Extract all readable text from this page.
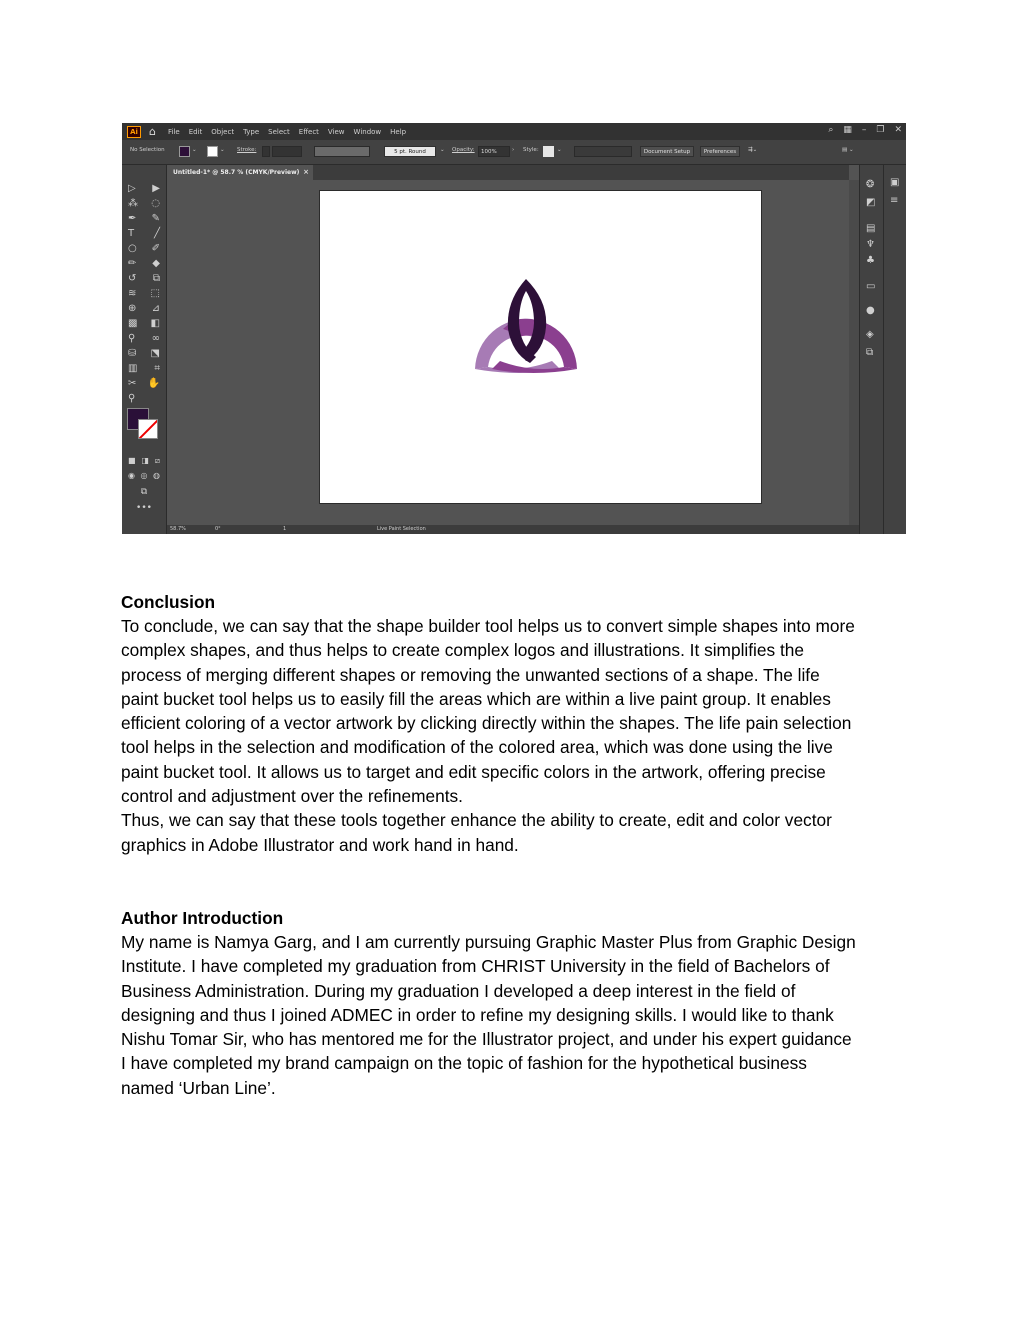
Ai ⌂ File Edit Object Type Select Effect View Window Help	⌕ ▦ – ❐ ✕
No Selection	⌄	⌄ Stroke:	5 pt. Round	⌄ Opacity:	100%	› Style:	⌄	Document Setup	Preferences	⇶⌄	▤ ⌄
▷ ▶
⁂ ◌
✒ ✎
T ╱
○ ✐
✏ ◆
↺ ⧉
≋ ⬚
⊕ ⊿
▩ ◧
⚲ ∞
⛁ ⬔
▥ ⌗
✂ ✋
⚲
■ ◨ ⧄
◉ ◎ ◍
⧉
•••
Untitled-1* @ 58.7 % (CMYK/Preview) ×
❂
◩
▤
♆
♣
▭
●
◈
⧉
▣
≡
58.7%	0°	1	Live Paint Selection
Conclusion
To conclude, we can say that the shape builder tool helps us to convert simple shapes into more
complex shapes, and thus helps to create complex logos and illustrations. It simplifies the
process of merging different shapes or removing the unwanted sections of a shape. The life
paint bucket tool helps us to easily fill the areas which are within a live paint group. It enables
efficient coloring of a vector artwork by clicking directly within the shapes. The life pain selection
tool helps in the selection and modification of the colored area, which was done using the live
paint bucket tool. It allows us to target and edit specific colors in the artwork, offering precise
control and adjustment over the refinements.
Thus, we can say that these tools together enhance the ability to create, edit and color vector
graphics in Adobe Illustrator and work hand in hand.
Author Introduction
My name is Namya Garg, and I am currently pursuing Graphic Master Plus from Graphic Design
Institute. I have completed my graduation from CHRIST University in the field of Bachelors of
Business Administration. During my graduation I developed a deep interest in the field of
designing and thus I joined ADMEC in order to refine my designing skills. I would like to thank
Nishu Tomar Sir, who has mentored me for the Illustrator project, and under his expert guidance
I have completed my brand campaign on the topic of fashion for the hypothetical business
named ‘Urban Line’.
